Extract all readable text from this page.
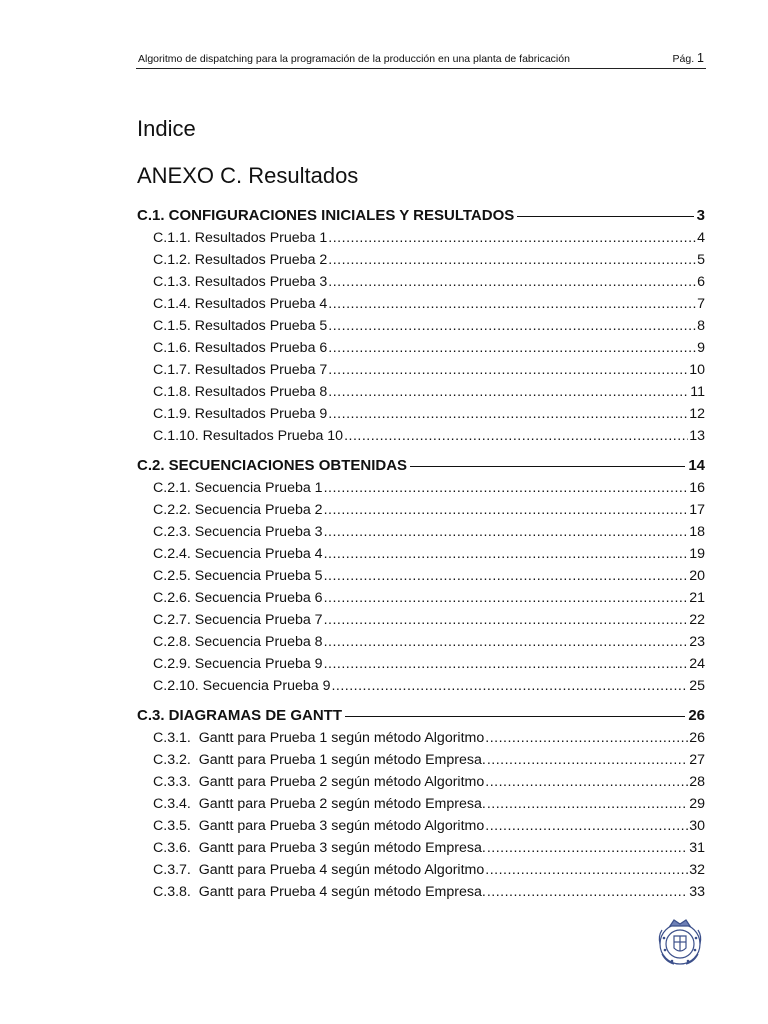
Algoritmo de dispatching para la programación de la producción en una planta de fabricación	Pág. 1
Indice
ANEXO C. Resultados
C.1. CONFIGURACIONES INICIALES Y RESULTADOS	3
C.1.1. Resultados Prueba 1 .....	4
C.1.2. Resultados Prueba 2 .....	5
C.1.3. Resultados Prueba 3 .....	6
C.1.4. Resultados Prueba 4 .....	7
C.1.5. Resultados Prueba 5 .....	8
C.1.6. Resultados Prueba 6 .....	9
C.1.7. Resultados Prueba 7 .....	10
C.1.8. Resultados Prueba 8 .....	11
C.1.9. Resultados Prueba 9 .....	12
C.1.10. Resultados Prueba 10 .....	13
C.2. SECUENCIACIONES OBTENIDAS	14
C.2.1. Secuencia Prueba 1 .....	16
C.2.2. Secuencia Prueba 2 .....	17
C.2.3. Secuencia Prueba 3 .....	18
C.2.4. Secuencia Prueba 4 .....	19
C.2.5. Secuencia Prueba 5 .....	20
C.2.6. Secuencia Prueba 6 .....	21
C.2.7. Secuencia Prueba 7 .....	22
C.2.8. Secuencia Prueba 8 .....	23
C.2.9. Secuencia Prueba 9 .....	24
C.2.10. Secuencia Prueba 9 .....	25
C.3. DIAGRAMAS DE GANTT	26
C.3.1.  Gantt para Prueba 1 según método Algoritmo .....	26
C.3.2.  Gantt para Prueba 1 según método Empresa. .....	27
C.3.3.  Gantt para Prueba 2 según método Algoritmo .....	28
C.3.4.  Gantt para Prueba 2 según método Empresa. .....	29
C.3.5.  Gantt para Prueba 3 según método Algoritmo .....	30
C.3.6.  Gantt para Prueba 3 según método Empresa. .....	31
C.3.7.  Gantt para Prueba 4 según método Algoritmo .....	32
C.3.8.  Gantt para Prueba 4 según método Empresa. .....	33
